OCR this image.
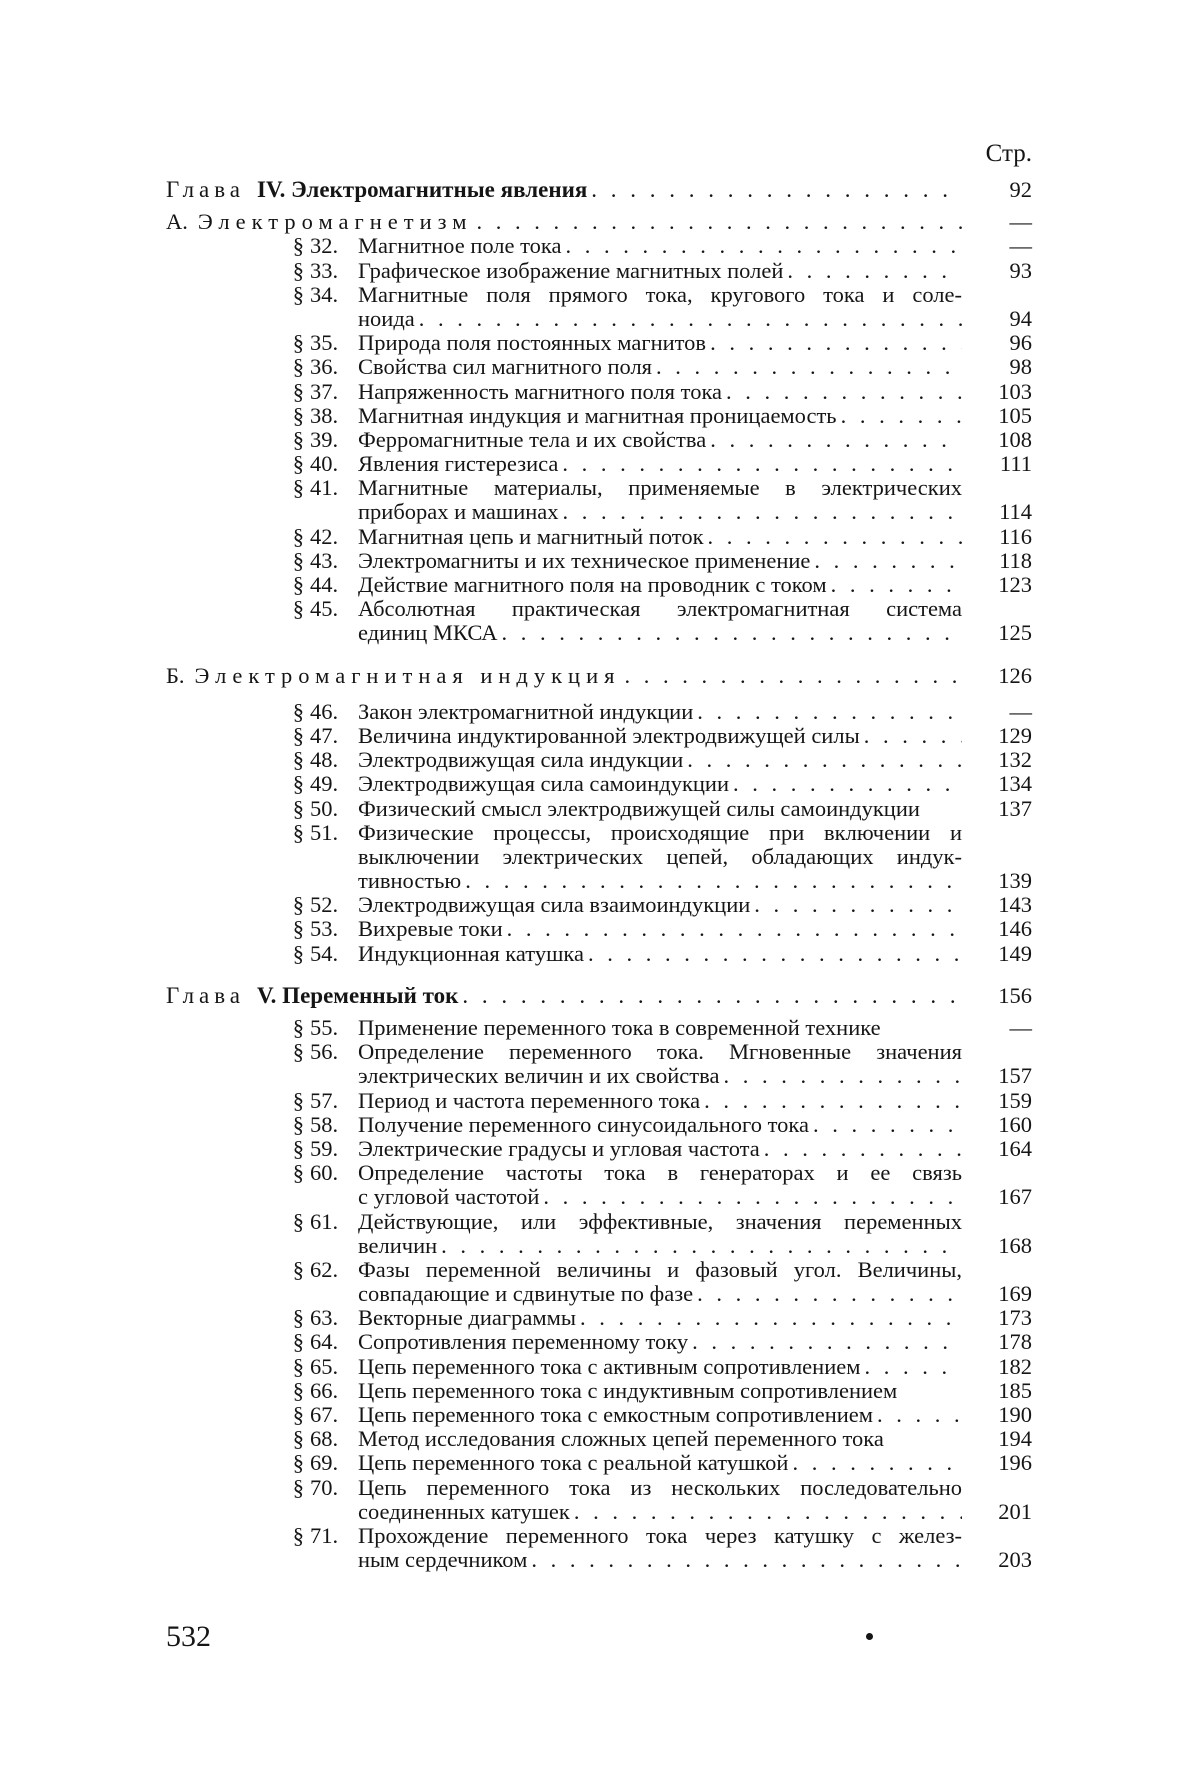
Стр.
Глава IV. Электромагнитные явления . . .	92
А. Электромагнетизм . . .	—
§ 32. Магнитное поле тока . . .	—
§ 33. Графическое изображение магнитных полей . . .	93
§ 34. Магнитные поля прямого тока, кругового тока и соле-
ноида . . .	94
§ 35. Природа поля постоянных магнитов . . .	96
§ 36. Свойства сил магнитного поля . . .	98
§ 37. Напряженность магнитного поля тока . . .	103
§ 38. Магнитная индукция и магнитная проницаемость . . .	105
§ 39. Ферромагнитные тела и их свойства . . .	108
§ 40. Явления гистерезиса . . .	111
§ 41. Магнитные материалы, применяемые в электрических
приборах и машинах . . .	114
§ 42. Магнитная цепь и магнитный поток . . .	116
§ 43. Электромагниты и их техническое применение . . .	118
§ 44. Действие магнитного поля на проводник с током . . .	123
§ 45. Абсолютная практическая электромагнитная система
единиц МКСА . . .	125
Б. Электромагнитная индукция . . .	126
§ 46. Закон электромагнитной индукции . . .	—
§ 47. Величина индуктированной электродвижущей силы . . .	129
§ 48. Электродвижущая сила индукции . . .	132
§ 49. Электродвижущая сила самоиндукции . . .	134
§ 50. Физический смысл электродвижущей силы самоиндукции	137
§ 51. Физические процессы, происходящие при включении и
выключении электрических цепей, обладающих индук-
тивностью . . .	139
§ 52. Электродвижущая сила взаимоиндукции . . .	143
§ 53. Вихревые токи . . .	146
§ 54. Индукционная катушка . . .	149
Глава V. Переменный ток . . .	156
§ 55. Применение переменного тока в современной технике	—
§ 56. Определение переменного тока. Мгновенные значения
электрических величин и их свойства . . .	157
§ 57. Период и частота переменного тока . . .	159
§ 58. Получение переменного синусоидального тока . . .	160
§ 59. Электрические градусы и угловая частота . . .	164
§ 60. Определение частоты тока в генераторах и ее связь
с угловой частотой . . .	167
§ 61. Действующие, или эффективные, значения переменных
величин . . .	168
§ 62. Фазы переменной величины и фазовый угол. Величины,
совпадающие и сдвинутые по фазе . . .	169
§ 63. Векторные диаграммы . . .	173
§ 64. Сопротивления переменному току . . .	178
§ 65. Цепь переменного тока с активным сопротивлением . . .	182
§ 66. Цепь переменного тока с индуктивным сопротивлением	185
§ 67. Цепь переменного тока с емкостным сопротивлением . . .	190
§ 68. Метод исследования сложных цепей переменного тока	194
§ 69. Цепь переменного тока с реальной катушкой . . .	196
§ 70. Цепь переменного тока из нескольких последовательно
соединенных катушек . . .	201
§ 71. Прохождение переменного тока через катушку с желез-
ным сердечником . . .	203
532
